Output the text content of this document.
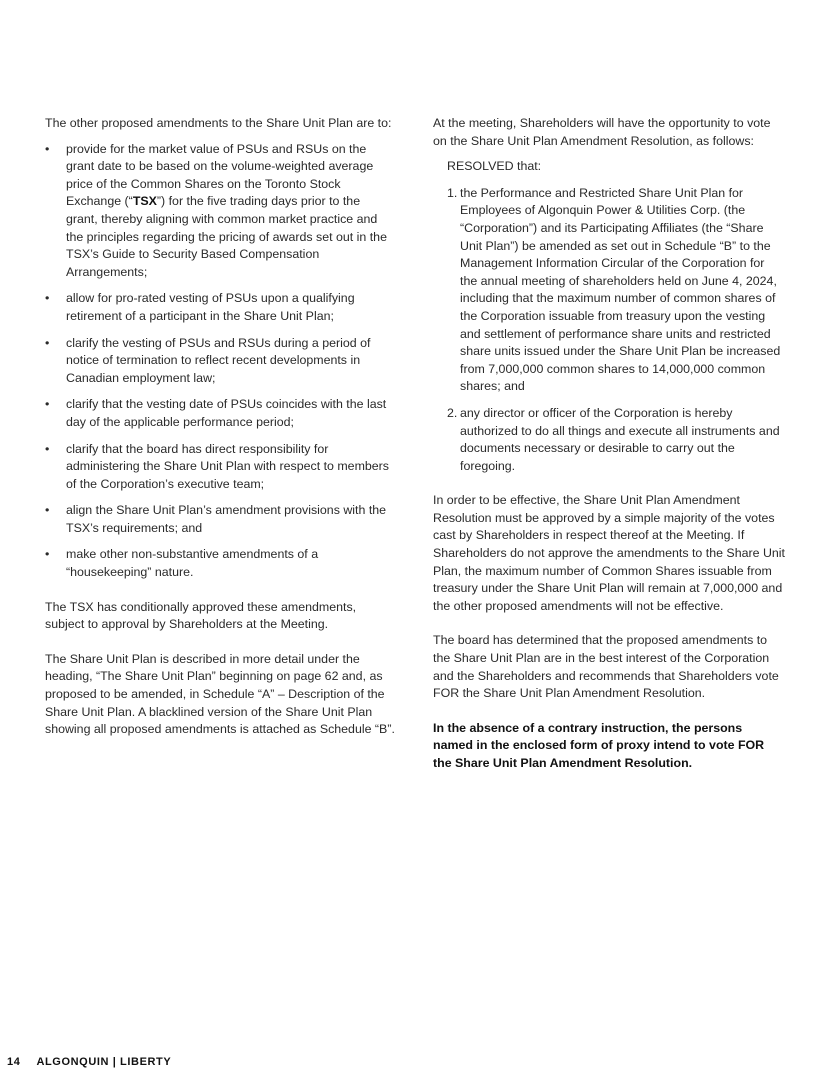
The other proposed amendments to the Share Unit Plan are to:

• provide for the market value of PSUs and RSUs on the grant date to be based on the volume-weighted average price of the Common Shares on the Toronto Stock Exchange (“TSX”) for the five trading days prior to the grant, thereby aligning with common market practice and the principles regarding the pricing of awards set out in the TSX’s Guide to Security Based Compensation Arrangements;
• allow for pro-rated vesting of PSUs upon a qualifying retirement of a participant in the Share Unit Plan;
• clarify the vesting of PSUs and RSUs during a period of notice of termination to reflect recent developments in Canadian employment law;
• clarify that the vesting date of PSUs coincides with the last day of the applicable performance period;
• clarify that the board has direct responsibility for administering the Share Unit Plan with respect to members of the Corporation’s executive team;
• align the Share Unit Plan’s amendment provisions with the TSX’s requirements; and
• make other non-substantive amendments of a “housekeeping” nature.

The TSX has conditionally approved these amendments, subject to approval by Shareholders at the Meeting.

The Share Unit Plan is described in more detail under the heading, “The Share Unit Plan” beginning on page 62 and, as proposed to be amended, in Schedule “A” – Description of the Share Unit Plan. A blacklined version of the Share Unit Plan showing all proposed amendments is attached as Schedule “B”.

At the meeting, Shareholders will have the opportunity to vote on the Share Unit Plan Amendment Resolution, as follows:

RESOLVED that:
1. the Performance and Restricted Share Unit Plan for Employees of Algonquin Power & Utilities Corp. (the “Corporation”) and its Participating Affiliates (the “Share Unit Plan”) be amended as set out in Schedule “B” to the Management Information Circular of the Corporation for the annual meeting of shareholders held on June 4, 2024, including that the maximum number of common shares of the Corporation issuable from treasury upon the vesting and settlement of performance share units and restricted share units issued under the Share Unit Plan be increased from 7,000,000 common shares to 14,000,000 common shares; and
2. any director or officer of the Corporation is hereby authorized to do all things and execute all instruments and documents necessary or desirable to carry out the foregoing.

In order to be effective, the Share Unit Plan Amendment Resolution must be approved by a simple majority of the votes cast by Shareholders in respect thereof at the Meeting. If Shareholders do not approve the amendments to the Share Unit Plan, the maximum number of Common Shares issuable from treasury under the Share Unit Plan will remain at 7,000,000 and the other proposed amendments will not be effective.

The board has determined that the proposed amendments to the Share Unit Plan are in the best interest of the Corporation and the Shareholders and recommends that Shareholders vote FOR the Share Unit Plan Amendment Resolution.

In the absence of a contrary instruction, the persons named in the enclosed form of proxy intend to vote FOR the Share Unit Plan Amendment Resolution.

14 ALGONQUIN | LIBERTY
